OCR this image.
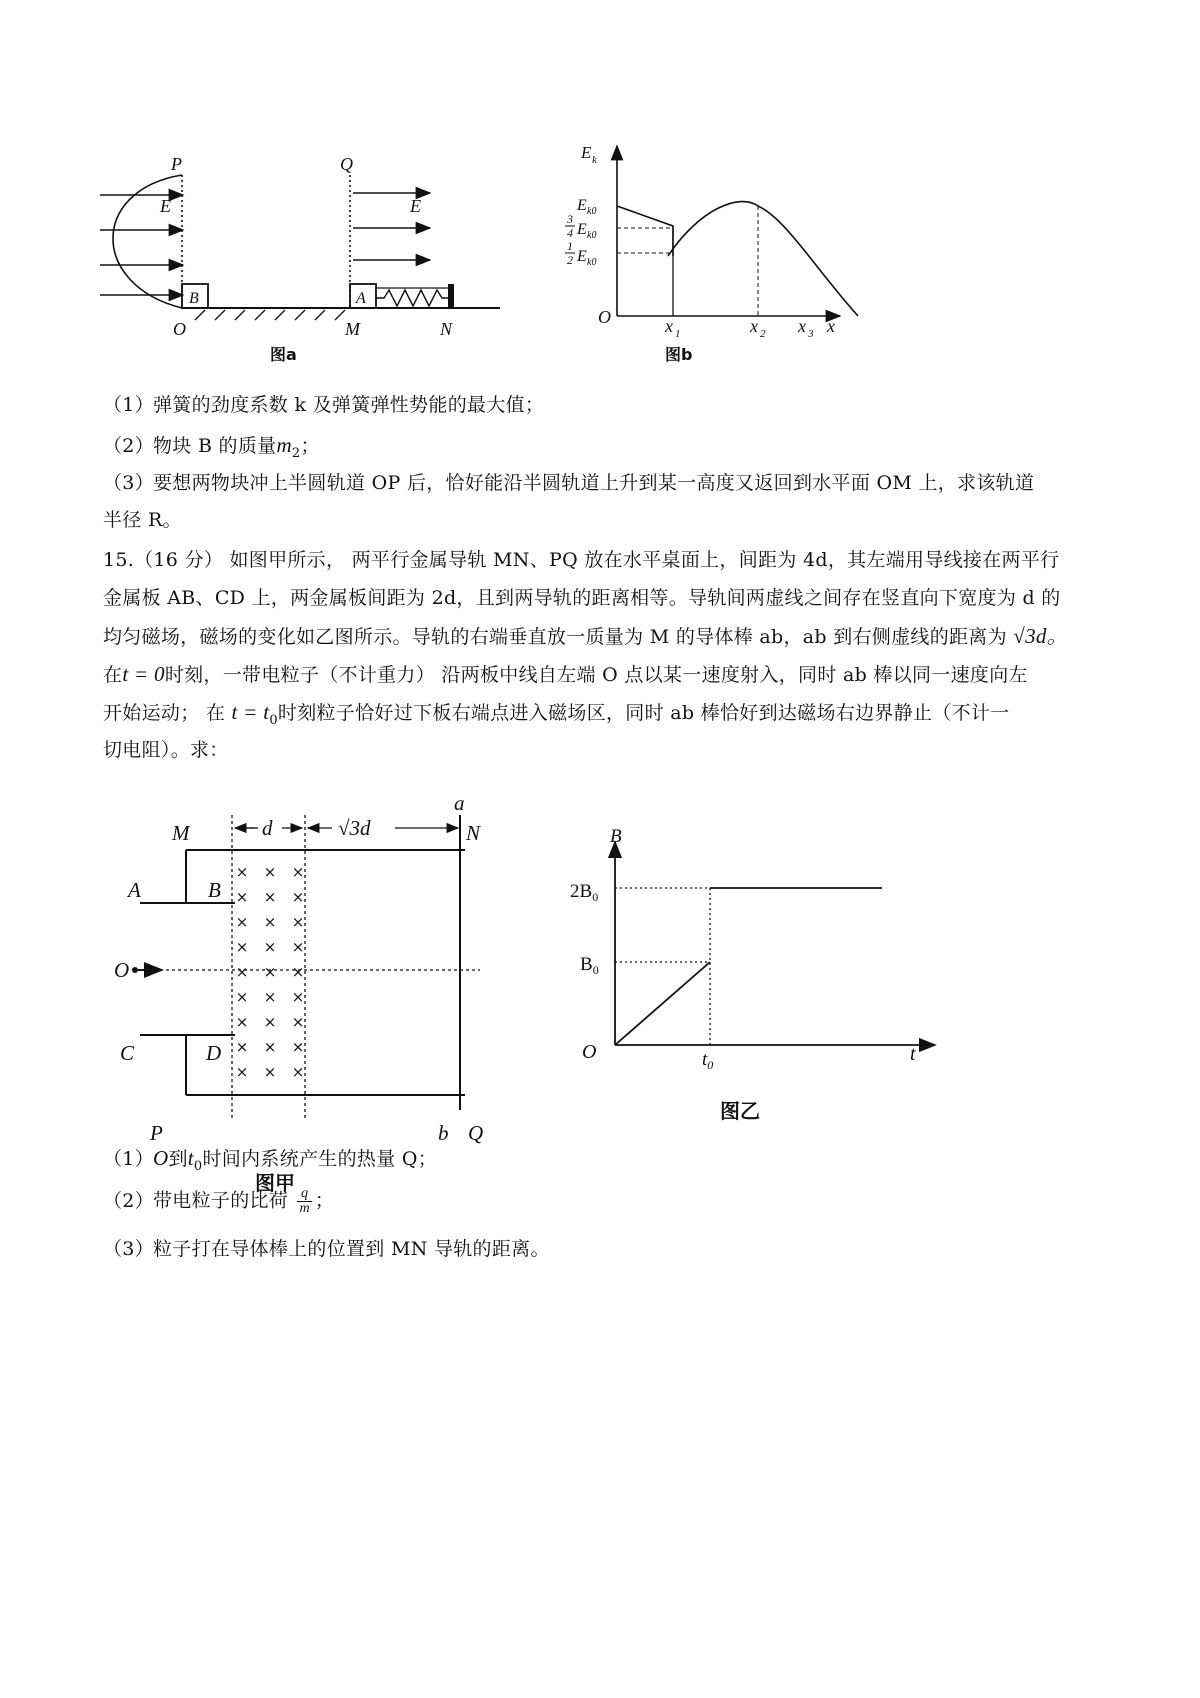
P
E
B
O
Q
E
A
M	N
图a
E k
E k0
3
4 E k0
1
2 E k0
O	x 1	x 2 x 3 x
图b
（1）弹簧的劲度系数 k 及弹簧弹性势能的最大值；
（2）物块 B 的质量$m_2$；
（3）要想两物块冲上半圆轨道 OP 后，恰好能沿半圆轨道上升到某一高度又返回到水平面 OM 上，求该轨道
半径 R。
15.（16 分） 如图甲所示， 两平行金属导轨 MN、PQ 放在水平桌面上，间距为 4d，其左端用导线接在两平行
金属板 AB、CD 上，两金属板间距为 2d，且到两导轨的距离相等。导轨间两虚线之间存在竖直向下宽度为 d 的
均匀磁场，磁场的变化如乙图所示。导轨的右端垂直放一质量为 M 的导体棒 ab，ab 到右侧虚线的距离为 √3d。
在t = 0时刻，一带电粒子（不计重力） 沿两板中线自左端 O 点以某一速度射入，同时 ab 棒以同一速度向左
开始运动； 在 $t = t_0$时刻粒子恰好过下板右端点进入磁场区，同时 ab 棒恰好到达磁场右边界静止（不计一
切电阻）。求：
× × ×
× × ×
× × ×
× × ×
× × ×
× × ×
× × ×
× × ×
× × ×
M	d	√3d
a
N
A	B
O
C	D
P	b Q
图甲
B
$2B_0$
$B_0$
O	$t_0$	t
图乙
（1）O到$t_0$时间内系统产生的热量 Q；
（2）带电粒子的比荷 $\frac{q}{m}$ ；
（3）粒子打在导体棒上的位置到 MN 导轨的距离。
